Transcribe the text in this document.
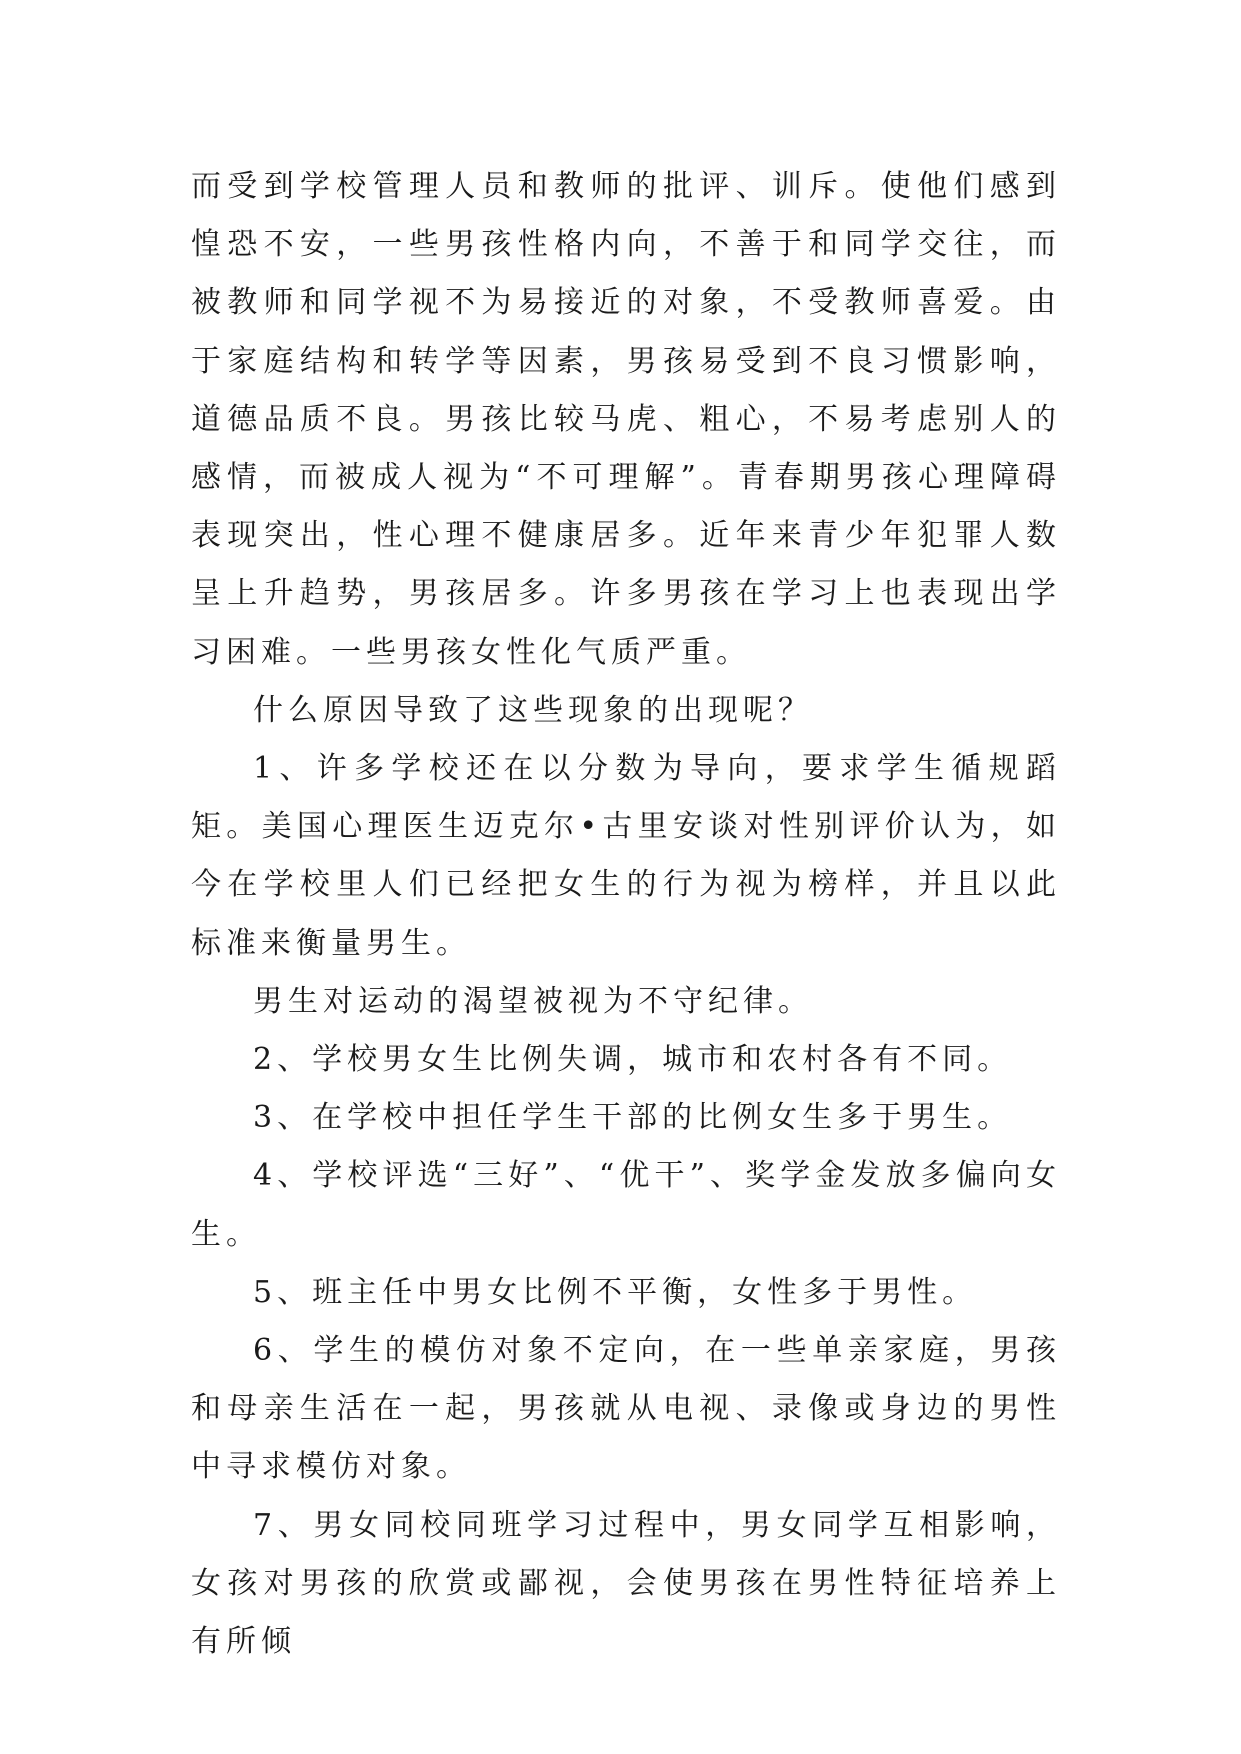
而受到学校管理人员和教师的批评、训斥。使他们感到惶恐不安，一些男孩性格内向，不善于和同学交往，而被教师和同学视不为易接近的对象，不受教师喜爱。由于家庭结构和转学等因素，男孩易受到不良习惯影响，道德品质不良。男孩比较马虎、粗心，不易考虑别人的感情，而被成人视为“不可理解”。青春期男孩心理障碍表现突出，性心理不健康居多。近年来青少年犯罪人数呈上升趋势，男孩居多。许多男孩在学习上也表现出学习困难。一些男孩女性化气质严重。

什么原因导致了这些现象的出现呢？

1、许多学校还在以分数为导向，要求学生循规蹈矩。美国心理医生迈克尔•古里安谈对性别评价认为，如今在学校里人们已经把女生的行为视为榜样，并且以此标准来衡量男生。

男生对运动的渴望被视为不守纪律。

2、学校男女生比例失调，城市和农村各有不同。

3、在学校中担任学生干部的比例女生多于男生。

4、学校评选“三好”、“优干”、奖学金发放多偏向女生。

5、班主任中男女比例不平衡，女性多于男性。

6、学生的模仿对象不定向，在一些单亲家庭，男孩和母亲生活在一起，男孩就从电视、录像或身边的男性中寻求模仿对象。

7、男女同校同班学习过程中，男女同学互相影响，女孩对男孩的欣赏或鄙视，会使男孩在男性特征培养上有所倾
